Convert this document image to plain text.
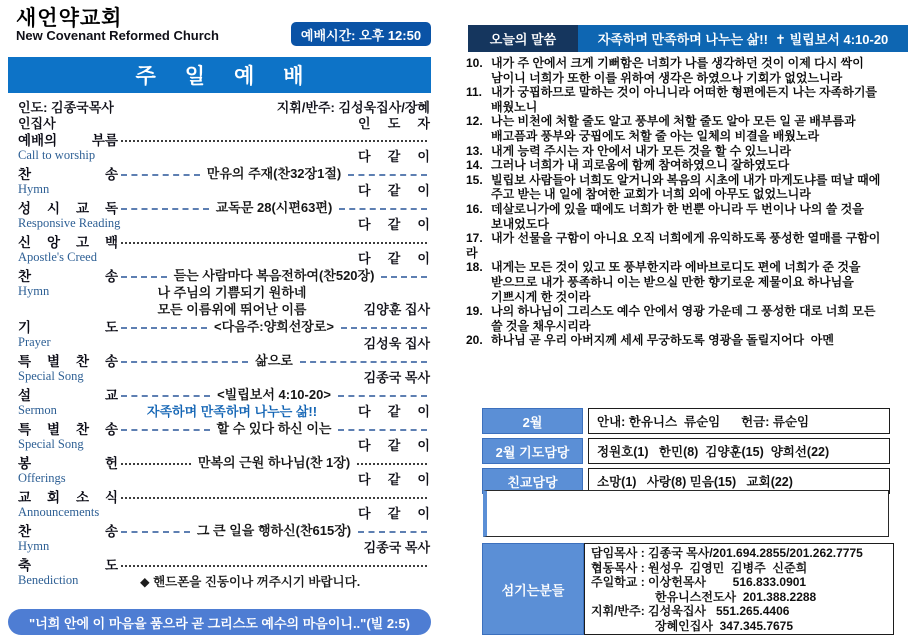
새언약교회
New Covenant Reformed Church	예배시간: 오후 12:50
주 일 예 배
인도: 김종국목사	지휘/반주: 김성욱집사/장혜
인집사	인 도 자
예배의 부름
Call to worship	다 같 이
찬 송	만유의 주재(찬32장1절)
Hymn	다 같 이
성 시 교 독	교독문 28(시편63편)
Responsive Reading	다 같 이
신 앙 고 백
Apostle's Creed	다 같 이
찬 송	듣는 사람마다 복음전하여(찬520장)
Hymn	나 주님의 기쁨되기 원하네
모든 이름위에 뛰어난 이름	김양훈 집사
기 도	<다음주:양희선장로>
Prayer	김성욱 집사
특 별 찬 송	삶으로
Special Song	김종국 목사
설 교	<빌립보서 4:10-20>
Sermon	자족하며 만족하며 나누는 삶!!	다 같 이
특 별 찬 송	할 수 있다 하신 이는
Special Song	다 같 이
봉 헌	만복의 근원 하나님(찬 1장)
Offerings	다 같 이
교 회 소 식
Announcements	다 같 이
찬 송	그 큰 일을 행하신(찬615장)
Hymn	김종국 목사
축 도
Benediction	◆ 핸드폰을 진동이나 꺼주시기 바랍니다.
"너희 안에 이 마음을 품으라 곧 그리스도 예수의 마음이니.."(빌 2:5)
오늘의 말씀	자족하며 만족하며 나누는 삶!!  ✝ 빌립보서 4:10-20
10. 내가 주 안에서 크게 기뻐함은 너희가 나를 생각하던 것이 이제 다시 싹이
남이니 너희가 또한 이를 위하여 생각은 하였으나 기회가 없었느니라
11. 내가 궁핍하므로 말하는 것이 아니니라 어떠한 형편에든지 나는 자족하기를
배웠노니
12. 나는 비천에 처할 줄도 알고 풍부에 처할 줄도 알아 모든 일 곧 배부름과
배고픔과 풍부와 궁핍에도 처할 줄 아는 일체의 비결을 배웠노라
13. 내게 능력 주시는 자 안에서 내가 모든 것을 할 수 있느니라
14. 그러나 너희가 내 괴로움에 함께 참여하였으니 잘하였도다
15. 빌립보 사람들아 너희도 알거니와 복음의 시초에 내가 마게도냐를 떠날 때에
주고 받는 내 일에 참여한 교회가 너희 외에 아무도 없었느니라
16. 데살로니가에 있을 때에도 너희가 한 번뿐 아니라 두 번이나 나의 쓸 것을
보내었도다
17. 내가 선물을 구함이 아니요 오직 너희에게 유익하도록 풍성한 열매를 구함이
라
18. 내게는 모든 것이 있고 또 풍부한지라 에바브로디도 편에 너희가 준 것을
받으므로 내가 풍족하니 이는 받으실 만한 향기로운 제물이요 하나님을
기쁘시게 한 것이라
19. 나의 하나님이 그리스도 예수 안에서 영광 가운데 그 풍성한 대로 너희 모든
쓸 것을 채우시리라
20. 하나님 곧 우리 아버지께 세세 무궁하도록 영광을 돌릴지어다  아멘
2월	안내: 한유니스  류순임      헌금: 류순임
2월 기도담당	정원호(1)   한민(8)  김양훈(15)  양희선(22)
친교담당	소망(1)   사랑(8) 믿음(15)   교회(22)
섬기는분들
담임목사 : 김종국 목사/201.694.2855/201.262.7775
협동목사 : 원성우  김영민  김병주  신준희
주일학교 : 이상헌목사        516.833.0901
한유니스전도사  201.388.2288
지휘/반주: 김성욱집사   551.265.4406
장혜인집사  347.345.7675
